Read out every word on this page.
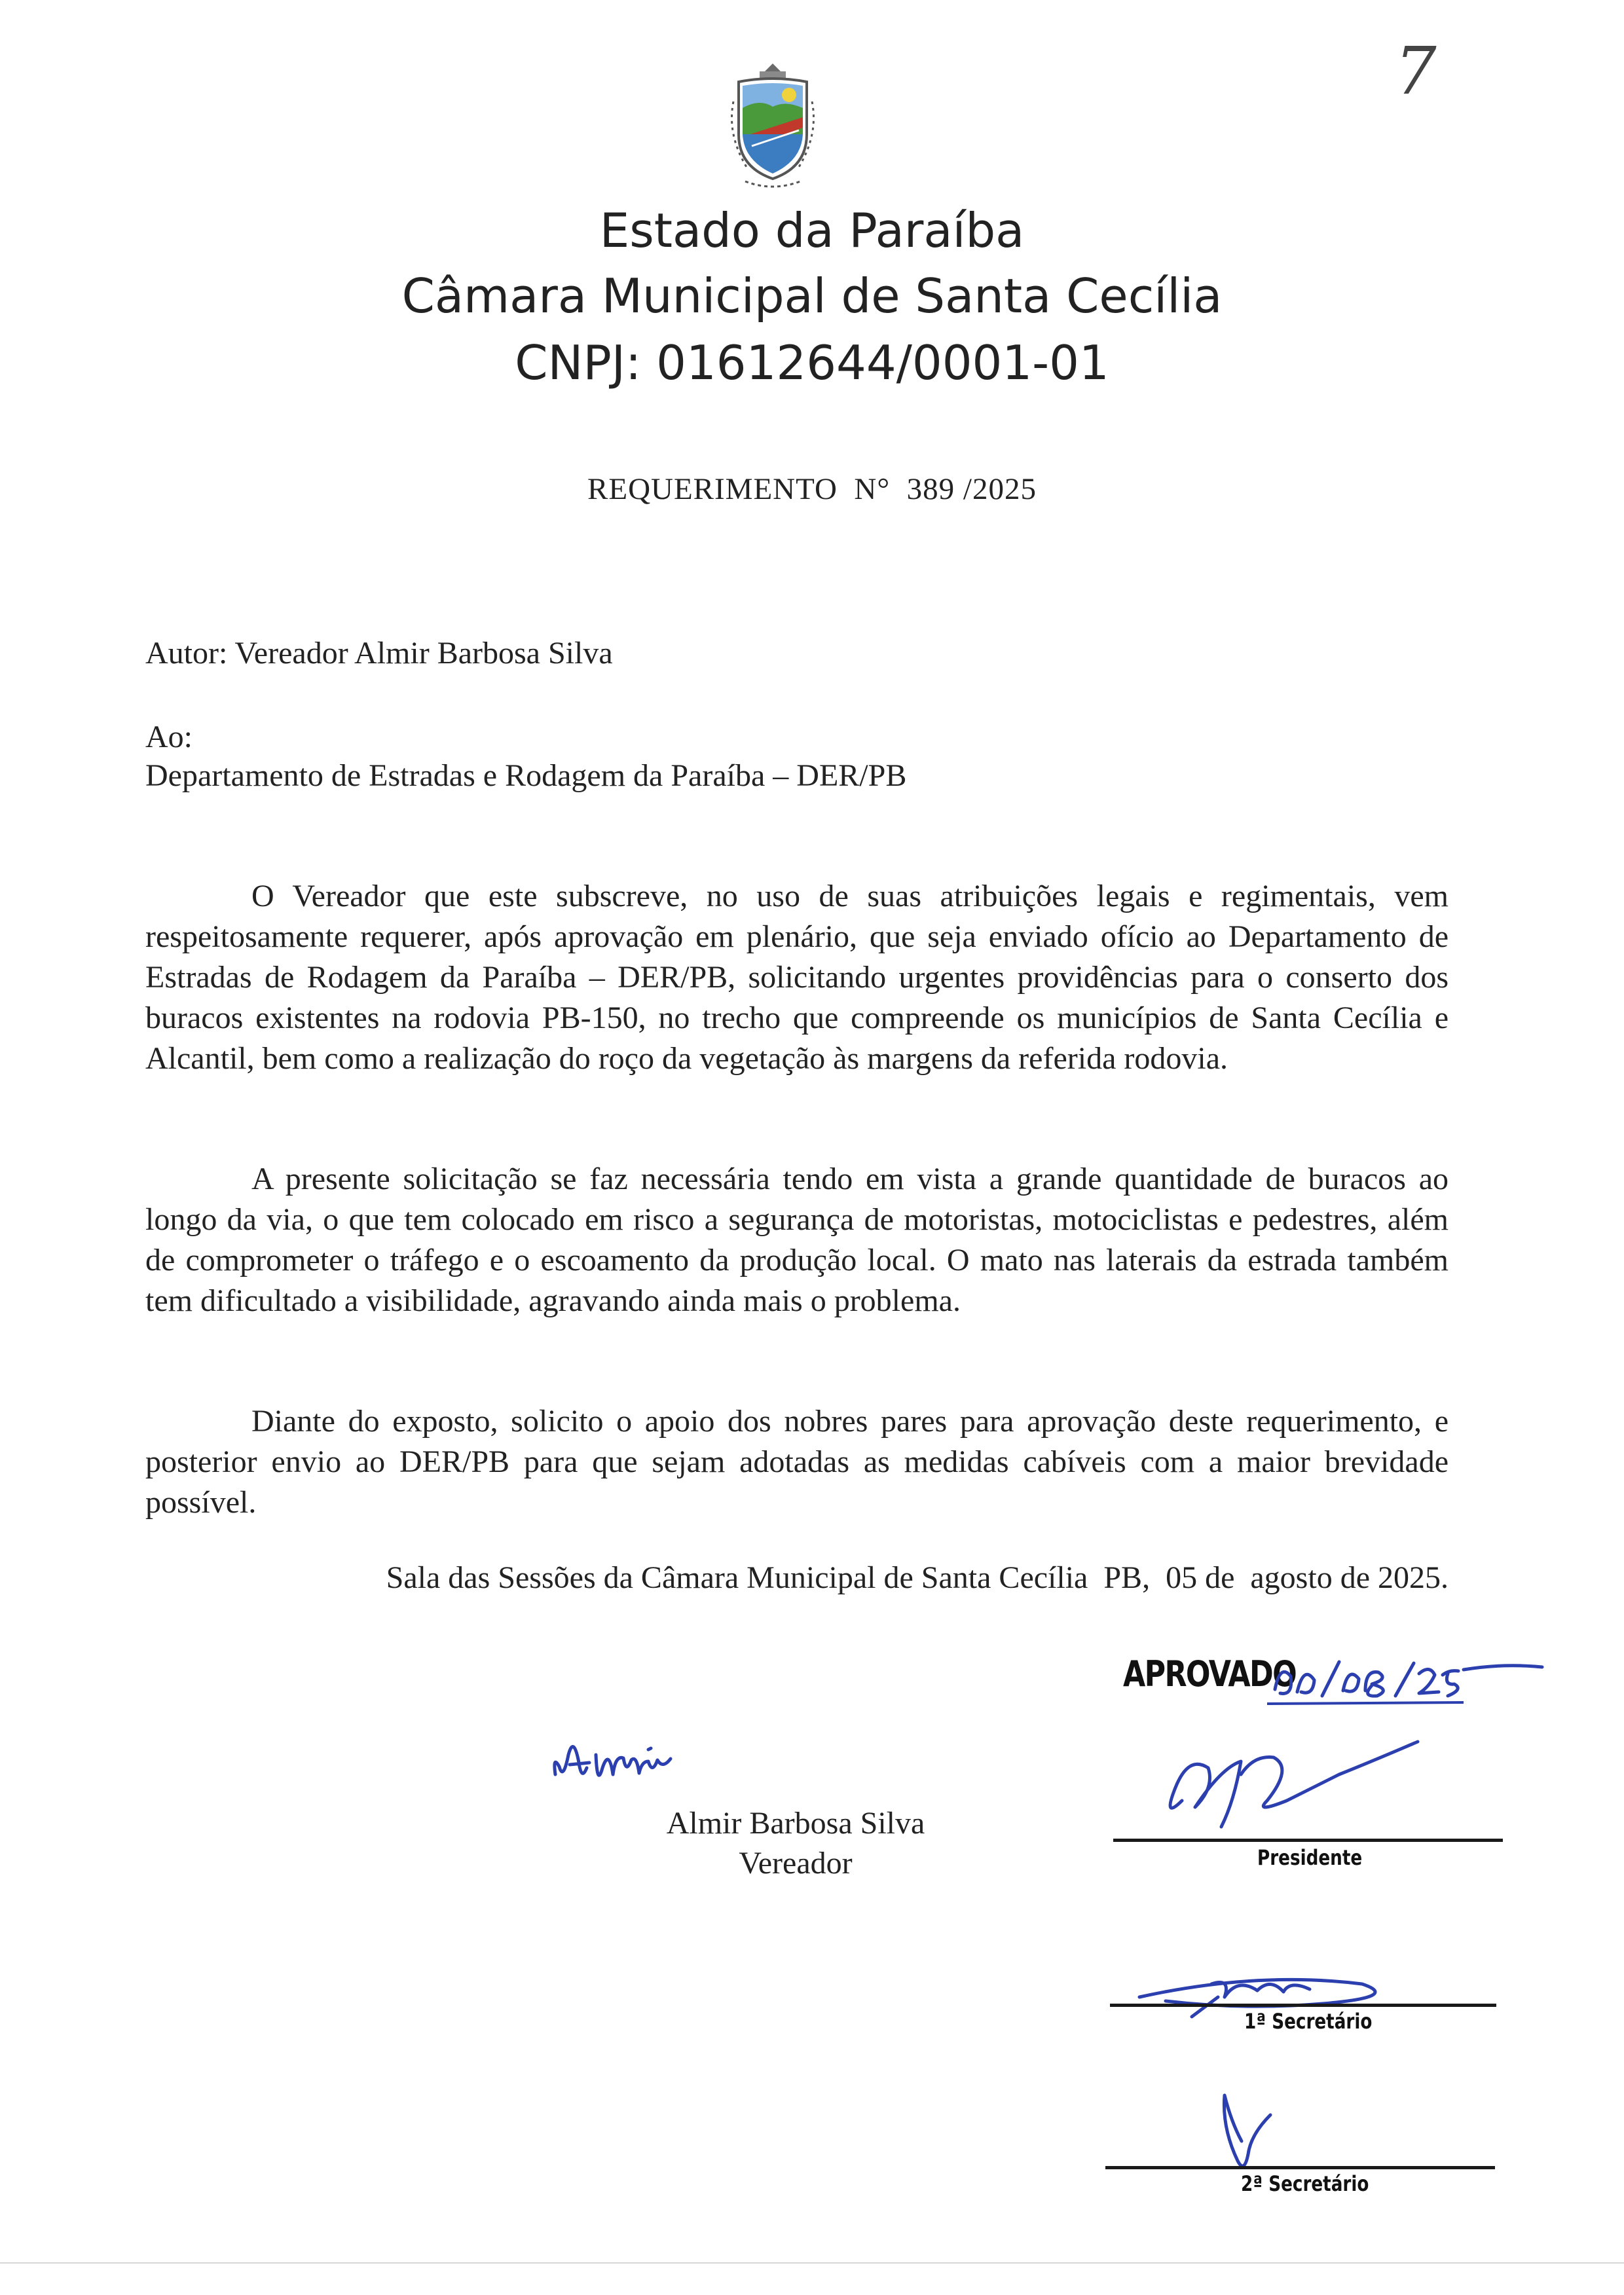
7
Estado da Paraíba
Câmara Municipal de Santa Cecília
CNPJ: 01612644/0001-01
REQUERIMENTO  N°  389 /2025
Autor: Vereador Almir Barbosa Silva
Ao:
Departamento de Estradas e Rodagem da Paraíba – DER/PB
O Vereador que este subscreve, no uso de suas atribuições legais e regimentais, vem respeitosamente requerer, após aprovação em plenário, que seja enviado ofício ao Departamento de Estradas de Rodagem da Paraíba – DER/PB, solicitando urgentes providências para o conserto dos buracos existentes na rodovia PB-150, no trecho que compreende os municípios de Santa Cecília e Alcantil, bem como a realização do roço da vegetação às margens da referida rodovia.
A presente solicitação se faz necessária tendo em vista a grande quantidade de buracos ao longo da via, o que tem colocado em risco a segurança de motoristas, motociclistas e pedestres, além de comprometer o tráfego e o escoamento da produção local. O mato nas laterais da estrada também tem dificultado a visibilidade, agravando ainda mais o problema.
Diante do exposto, solicito o apoio dos nobres pares para aprovação deste requerimento, e posterior envio ao DER/PB para que sejam adotadas as medidas cabíveis com a maior brevidade possível.
Sala das Sessões da Câmara Municipal de Santa Cecília  PB,  05 de  agosto de 2025.
Almir Barbosa Silva
Vereador
APROVADO
Presidente
1ª Secretário
2ª Secretário
